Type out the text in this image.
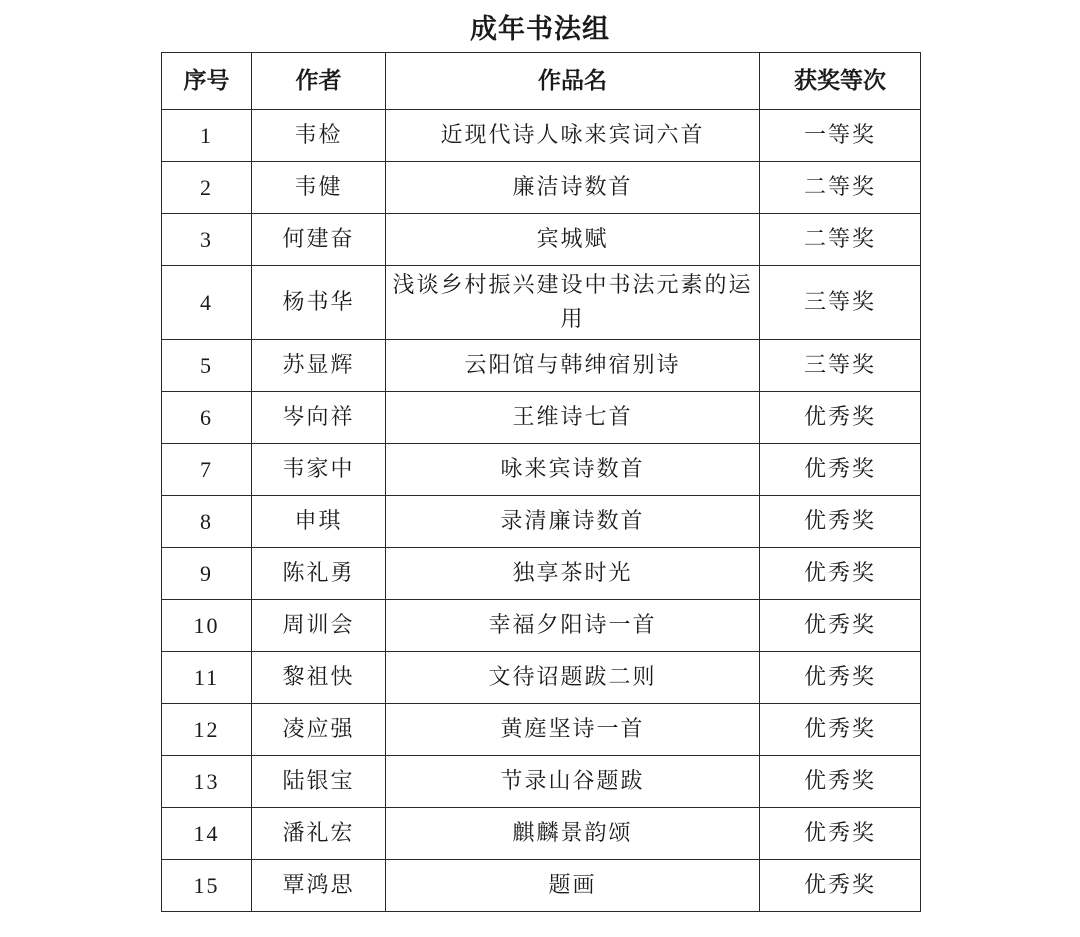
成年书法组
序号	作者	作品名	获奖等次
1	韦检	近现代诗人咏来宾词六首	一等奖
2	韦健	廉洁诗数首	二等奖
3	何建奋	宾城赋	二等奖
4	杨书华	浅谈乡村振兴建设中书法元素的运用	三等奖
5	苏显辉	云阳馆与韩绅宿别诗	三等奖
6	岑向祥	王维诗七首	优秀奖
7	韦家中	咏来宾诗数首	优秀奖
8	申琪	录清廉诗数首	优秀奖
9	陈礼勇	独享茶时光	优秀奖
10	周训会	幸福夕阳诗一首	优秀奖
11	黎祖快	文待诏题跋二则	优秀奖
12	凌应强	黄庭坚诗一首	优秀奖
13	陆银宝	节录山谷题跋	优秀奖
14	潘礼宏	麒麟景韵颂	优秀奖
15	覃鸿思	题画	优秀奖
